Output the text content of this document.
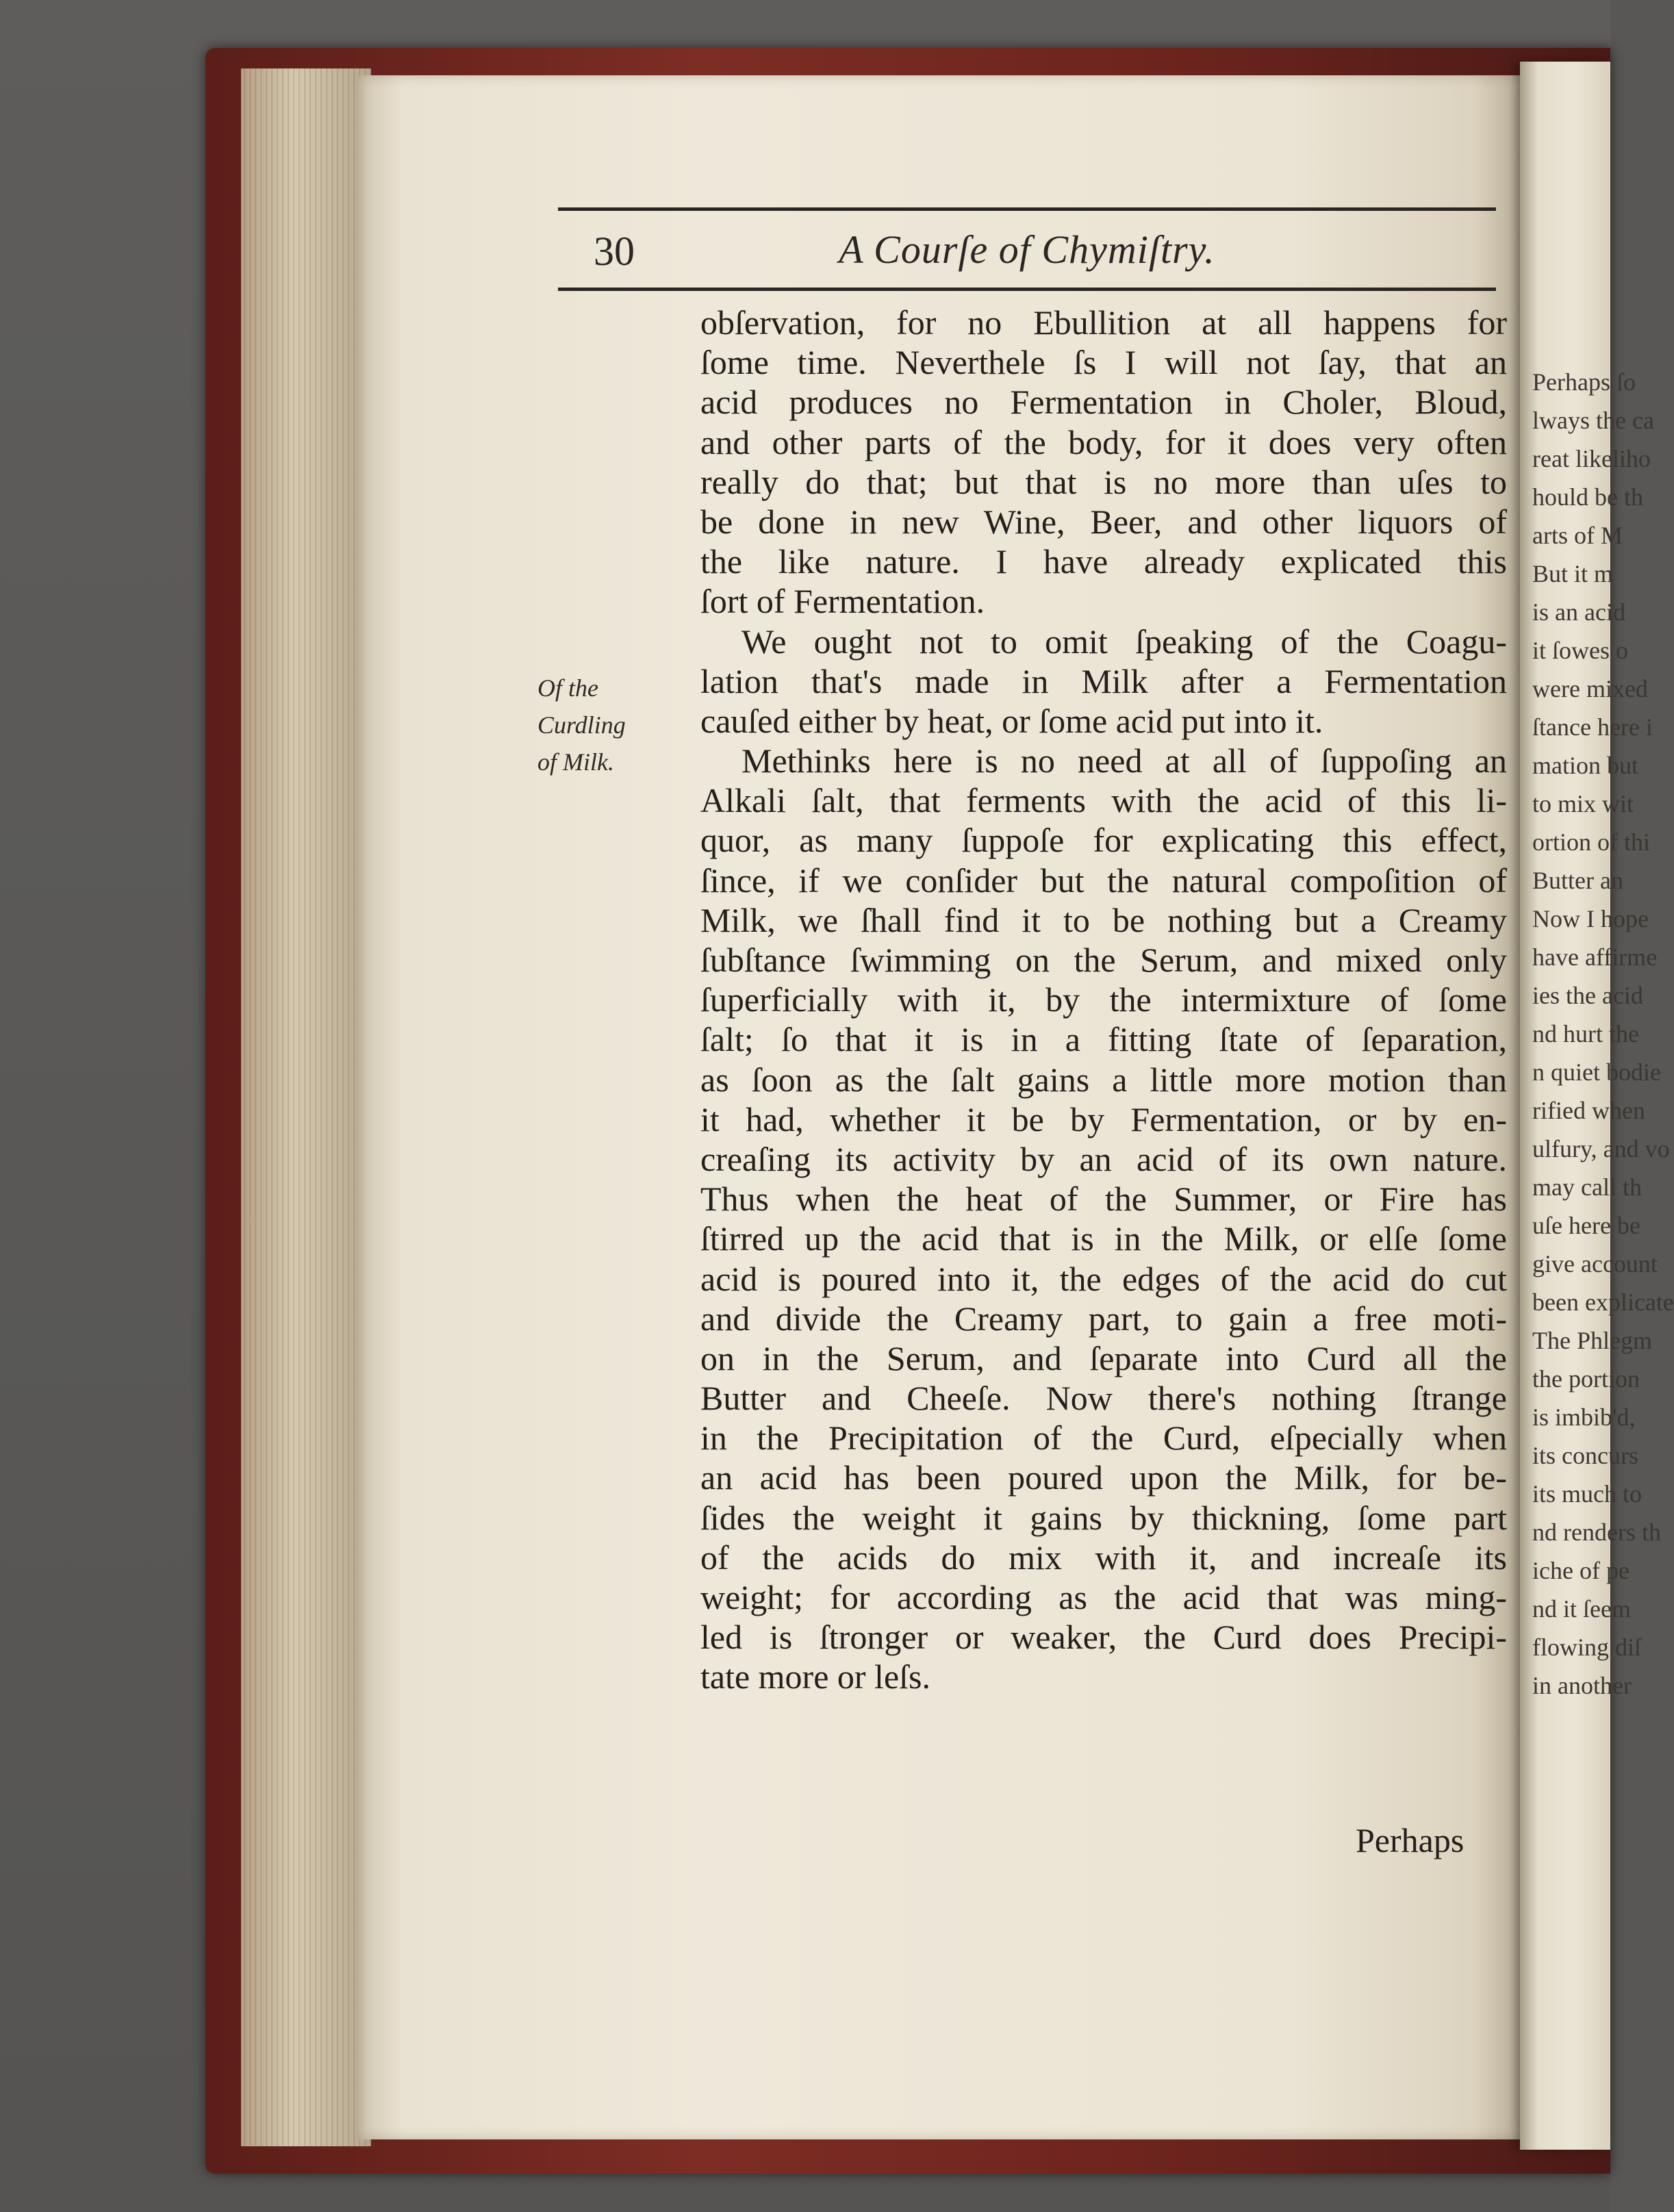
Perhaps ſo
lways the ca
reat likeliho
hould be th
arts of M
But it m
is an acid
it ſowes o
were mixed
ſtance here i
mation but
to mix wit
ortion of thi
Butter an
Now I hope
have affirme
ies the acid
nd hurt the
n quiet bodie
rified when
ulfury, and vo
may call th
uſe here be
give account
been explicate
The Phlegm
the portion
is imbib'd,
its concurs
its much to
nd renders th
iche of pe
nd it ſeem
flowing diſ
in another
30	A Courſe of Chymiſtry.
Of the
Curdling
of Milk.
obſervation, for no Ebullition at all happens for
ſome time. Neverthele ſs I will not ſay, that an
acid produces no Fermentation in Choler, Bloud,
and other parts of the body, for it does very often
really do that; but that is no more than uſes to
be done in new Wine, Beer, and other liquors of
the like nature. I have already explicated this
ſort of Fermentation.
We ought not to omit ſpeaking of the Coagu-
lation that's made in Milk after a Fermentation
cauſed either by heat, or ſome acid put into it.
Methinks here is no need at all of ſuppoſing an
Alkali ſalt, that ferments with the acid of this li-
quor, as many ſuppoſe for explicating this effect,
ſince, if we conſider but the natural compoſition of
Milk, we ſhall find it to be nothing but a Creamy
ſubſtance ſwimming on the Serum, and mixed only
ſuperficially with it, by the intermixture of ſome
ſalt; ſo that it is in a fitting ſtate of ſeparation,
as ſoon as the ſalt gains a little more motion than
it had, whether it be by Fermentation, or by en-
creaſing its activity by an acid of its own nature.
Thus when the heat of the Summer, or Fire has
ſtirred up the acid that is in the Milk, or elſe ſome
acid is poured into it, the edges of the acid do cut
and divide the Creamy part, to gain a free moti-
on in the Serum, and ſeparate into Curd all the
Butter and Cheeſe. Now there's nothing ſtrange
in the Precipitation of the Curd, eſpecially when
an acid has been poured upon the Milk, for be-
ſides the weight it gains by thickning, ſome part
of the acids do mix with it, and increaſe its
weight; for according as the acid that was ming-
led is ſtronger or weaker, the Curd does Precipi-
tate more or leſs.
Perhaps
